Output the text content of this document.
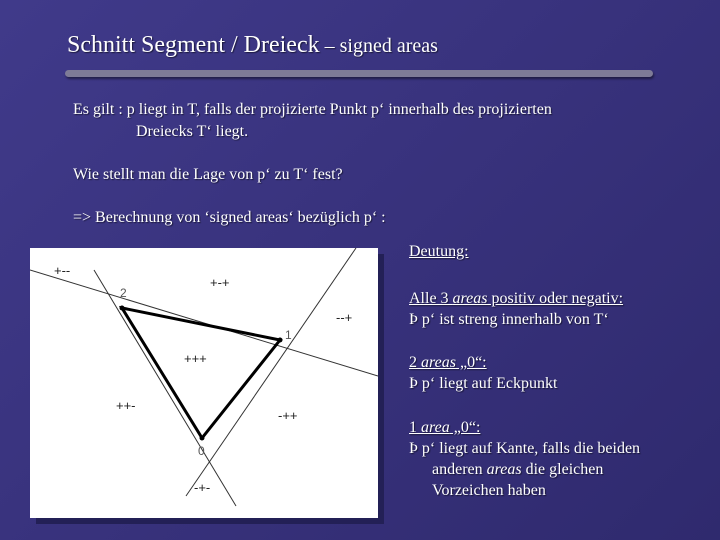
Schnitt Segment / Dreieck – signed areas
Es gilt : p liegt in T, falls der projizierte Punkt p‘ innerhalb des projizierten
Dreiecks T‘ liegt.
Wie stellt man die Lage von p‘ zu T‘ fest?
=> Berechnung von ‘signed areas‘ bezüglich p‘ :
+--
+-+
--+
+++
++-
-++
-+-
2
1
0
Deutung:
Alle 3 areas positiv oder negativ:
Þ p‘ ist streng innerhalb von T‘
2 areas „0“:
Þ p‘ liegt auf Eckpunkt
1 area „0“:
Þ p‘ liegt auf Kante, falls die beiden
anderen areas die gleichen
Vorzeichen haben
